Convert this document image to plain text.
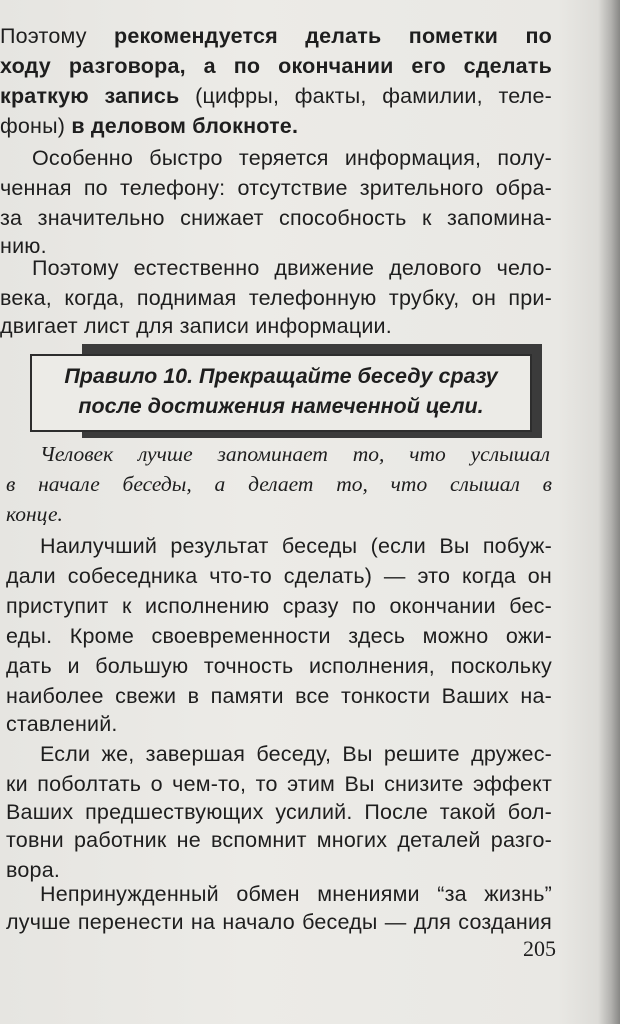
Поэтому рекомендуется делать пометки по
ходу разговора, а по окончании его сделать
краткую запись (цифры, факты, фамилии, теле-
фоны) в деловом блокноте.
Особенно быстро теряется информация, полу-
ченная по телефону: отсутствие зрительного обра-
за значительно снижает способность к запомина-
нию.
Поэтому естественно движение делового чело-
века, когда, поднимая телефонную трубку, он при-
двигает лист для записи информации.
Правило 10. Прекращайте беседу сразу
после достижения намеченной цели.
Человек лучше запоминает то, что услышал
в начале беседы, а делает то, что слышал в
конце.
Наилучший результат беседы (если Вы побуж-
дали собеседника что-то сделать) — это когда он
приступит к исполнению сразу по окончании бес-
еды. Кроме своевременности здесь можно ожи-
дать и большую точность исполнения, поскольку
наиболее свежи в памяти все тонкости Ваших на-
ставлений.
Если же, завершая беседу, Вы решите дружес-
ки поболтать о чем-то, то этим Вы снизите эффект
Ваших предшествующих усилий. После такой бол-
товни работник не вспомнит многих деталей разго-
вора.
Непринужденный обмен мнениями “за жизнь”
лучше перенести на начало беседы — для создания
205
